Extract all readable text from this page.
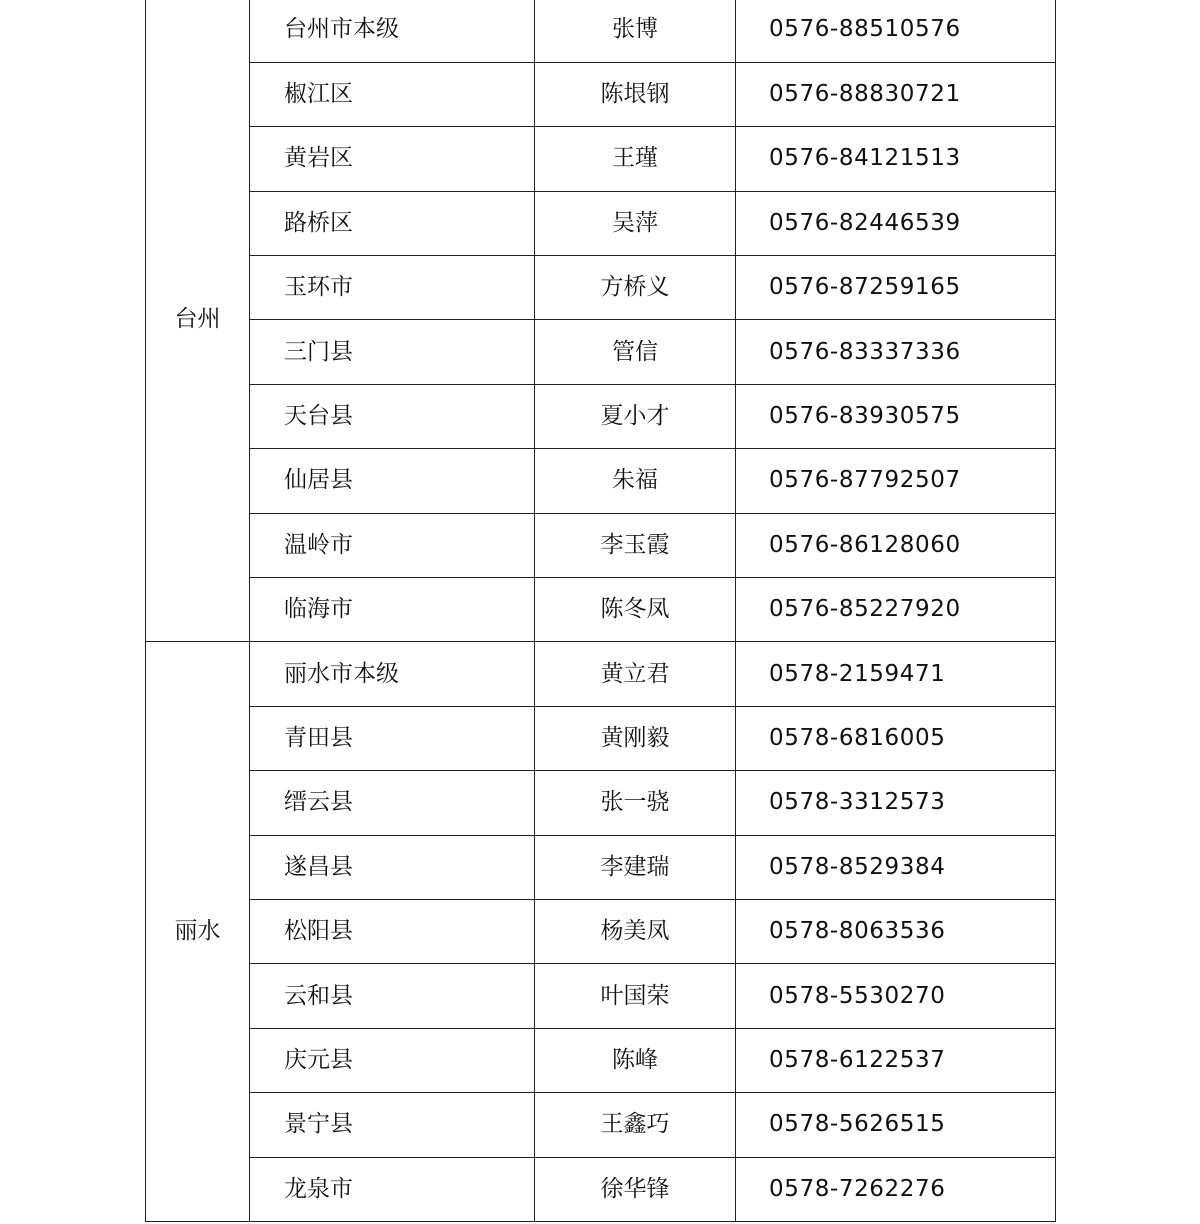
台州	台州市本级	张博	0576-88510576
	椒江区	陈垠钢	0576-88830721
	黄岩区	王瑾	0576-84121513
	路桥区	吴萍	0576-82446539
	玉环市	方桥义	0576-87259165
	三门县	管信	0576-83337336
	天台县	夏小才	0576-83930575
	仙居县	朱福	0576-87792507
	温岭市	李玉霞	0576-86128060
	临海市	陈冬凤	0576-85227920
丽水	丽水市本级	黄立君	0578-2159471
	青田县	黄刚毅	0578-6816005
	缙云县	张一骁	0578-3312573
	遂昌县	李建瑞	0578-8529384
	松阳县	杨美凤	0578-8063536
	云和县	叶国荣	0578-5530270
	庆元县	陈峰	0578-6122537
	景宁县	王鑫巧	0578-5626515
	龙泉市	徐华锋	0578-7262276
